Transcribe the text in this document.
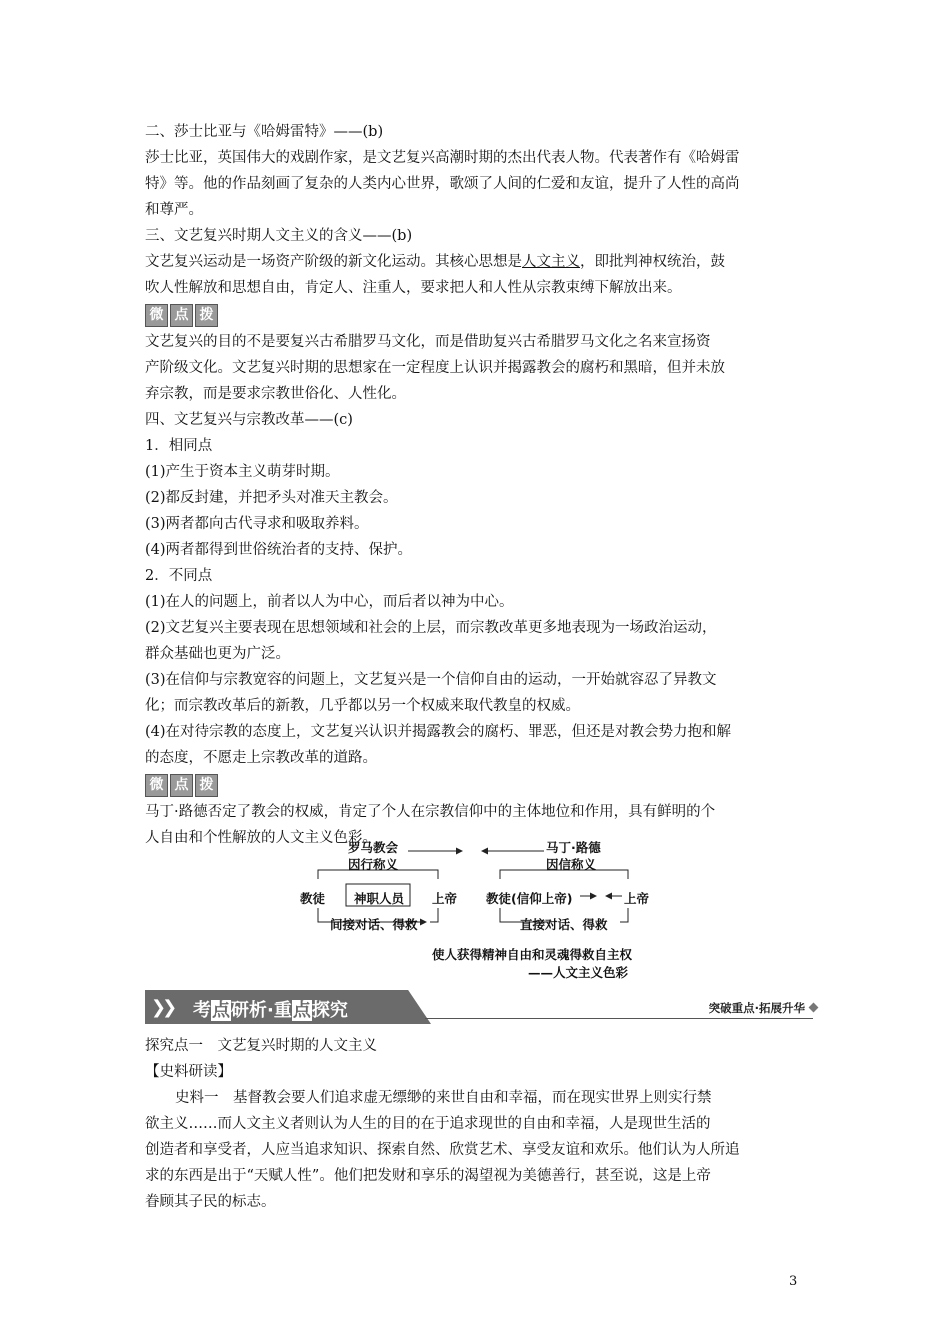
二、莎士比亚与《哈姆雷特》——(b)
莎士比亚，英国伟大的戏剧作家，是文艺复兴高潮时期的杰出代表人物。代表著作有《哈姆雷
特》等。他的作品刻画了复杂的人类内心世界，歌颂了人间的仁爱和友谊，提升了人性的高尚
和尊严。
三、文艺复兴时期人文主义的含义——(b)
文艺复兴运动是一场资产阶级的新文化运动。其核心思想是人文主义，即批判神权统治，鼓
吹人性解放和思想自由，肯定人、注重人，要求把人和人性从宗教束缚下解放出来。
微 点 拨
文艺复兴的目的不是要复兴古希腊罗马文化，而是借助复兴古希腊罗马文化之名来宣扬资
产阶级文化。文艺复兴时期的思想家在一定程度上认识并揭露教会的腐朽和黑暗，但并未放
弃宗教，而是要求宗教世俗化、人性化。
四、文艺复兴与宗教改革——(c)
1．相同点
(1)产生于资本主义萌芽时期。
(2)都反封建，并把矛头对准天主教会。
(3)两者都向古代寻求和吸取养料。
(4)两者都得到世俗统治者的支持、保护。
2．不同点
(1)在人的问题上，前者以人为中心，而后者以神为中心。
(2)文艺复兴主要表现在思想领域和社会的上层，而宗教改革更多地表现为一场政治运动，
群众基础也更为广泛。
(3)在信仰与宗教宽容的问题上，文艺复兴是一个信仰自由的运动，一开始就容忍了异教文
化；而宗教改革后的新教，几乎都以另一个权威来取代教皇的权威。
(4)在对待宗教的态度上，文艺复兴认识并揭露教会的腐朽、罪恶，但还是对教会势力抱和解
的态度，不愿走上宗教改革的道路。
微 点 拨
马丁·路德否定了教会的权威，肯定了个人在宗教信仰中的主体地位和作用，具有鲜明的个
人自由和个性解放的人文主义色彩。
罗马教会
因行称义
马丁·路德
因信称义
教徒 神职人员 上帝 教徒(信仰上帝)	上帝
间接对话、得救	直接对话、得救
使人获得精神自由和灵魂得救自主权
——人文主义色彩
❯❯ 考点研析·重点探究	突破重点·拓展升华
探究点一　文艺复兴时期的人文主义
【史料研读】
史料一　基督教会要人们追求虚无缥缈的来世自由和幸福，而在现实世界上则实行禁
欲主义……而人文主义者则认为人生的目的在于追求现世的自由和幸福，人是现世生活的
创造者和享受者，人应当追求知识、探索自然、欣赏艺术、享受友谊和欢乐。他们认为人所追
求的东西是出于“天赋人性”。他们把发财和享乐的渴望视为美德善行，甚至说，这是上帝
眷顾其子民的标志。
3
